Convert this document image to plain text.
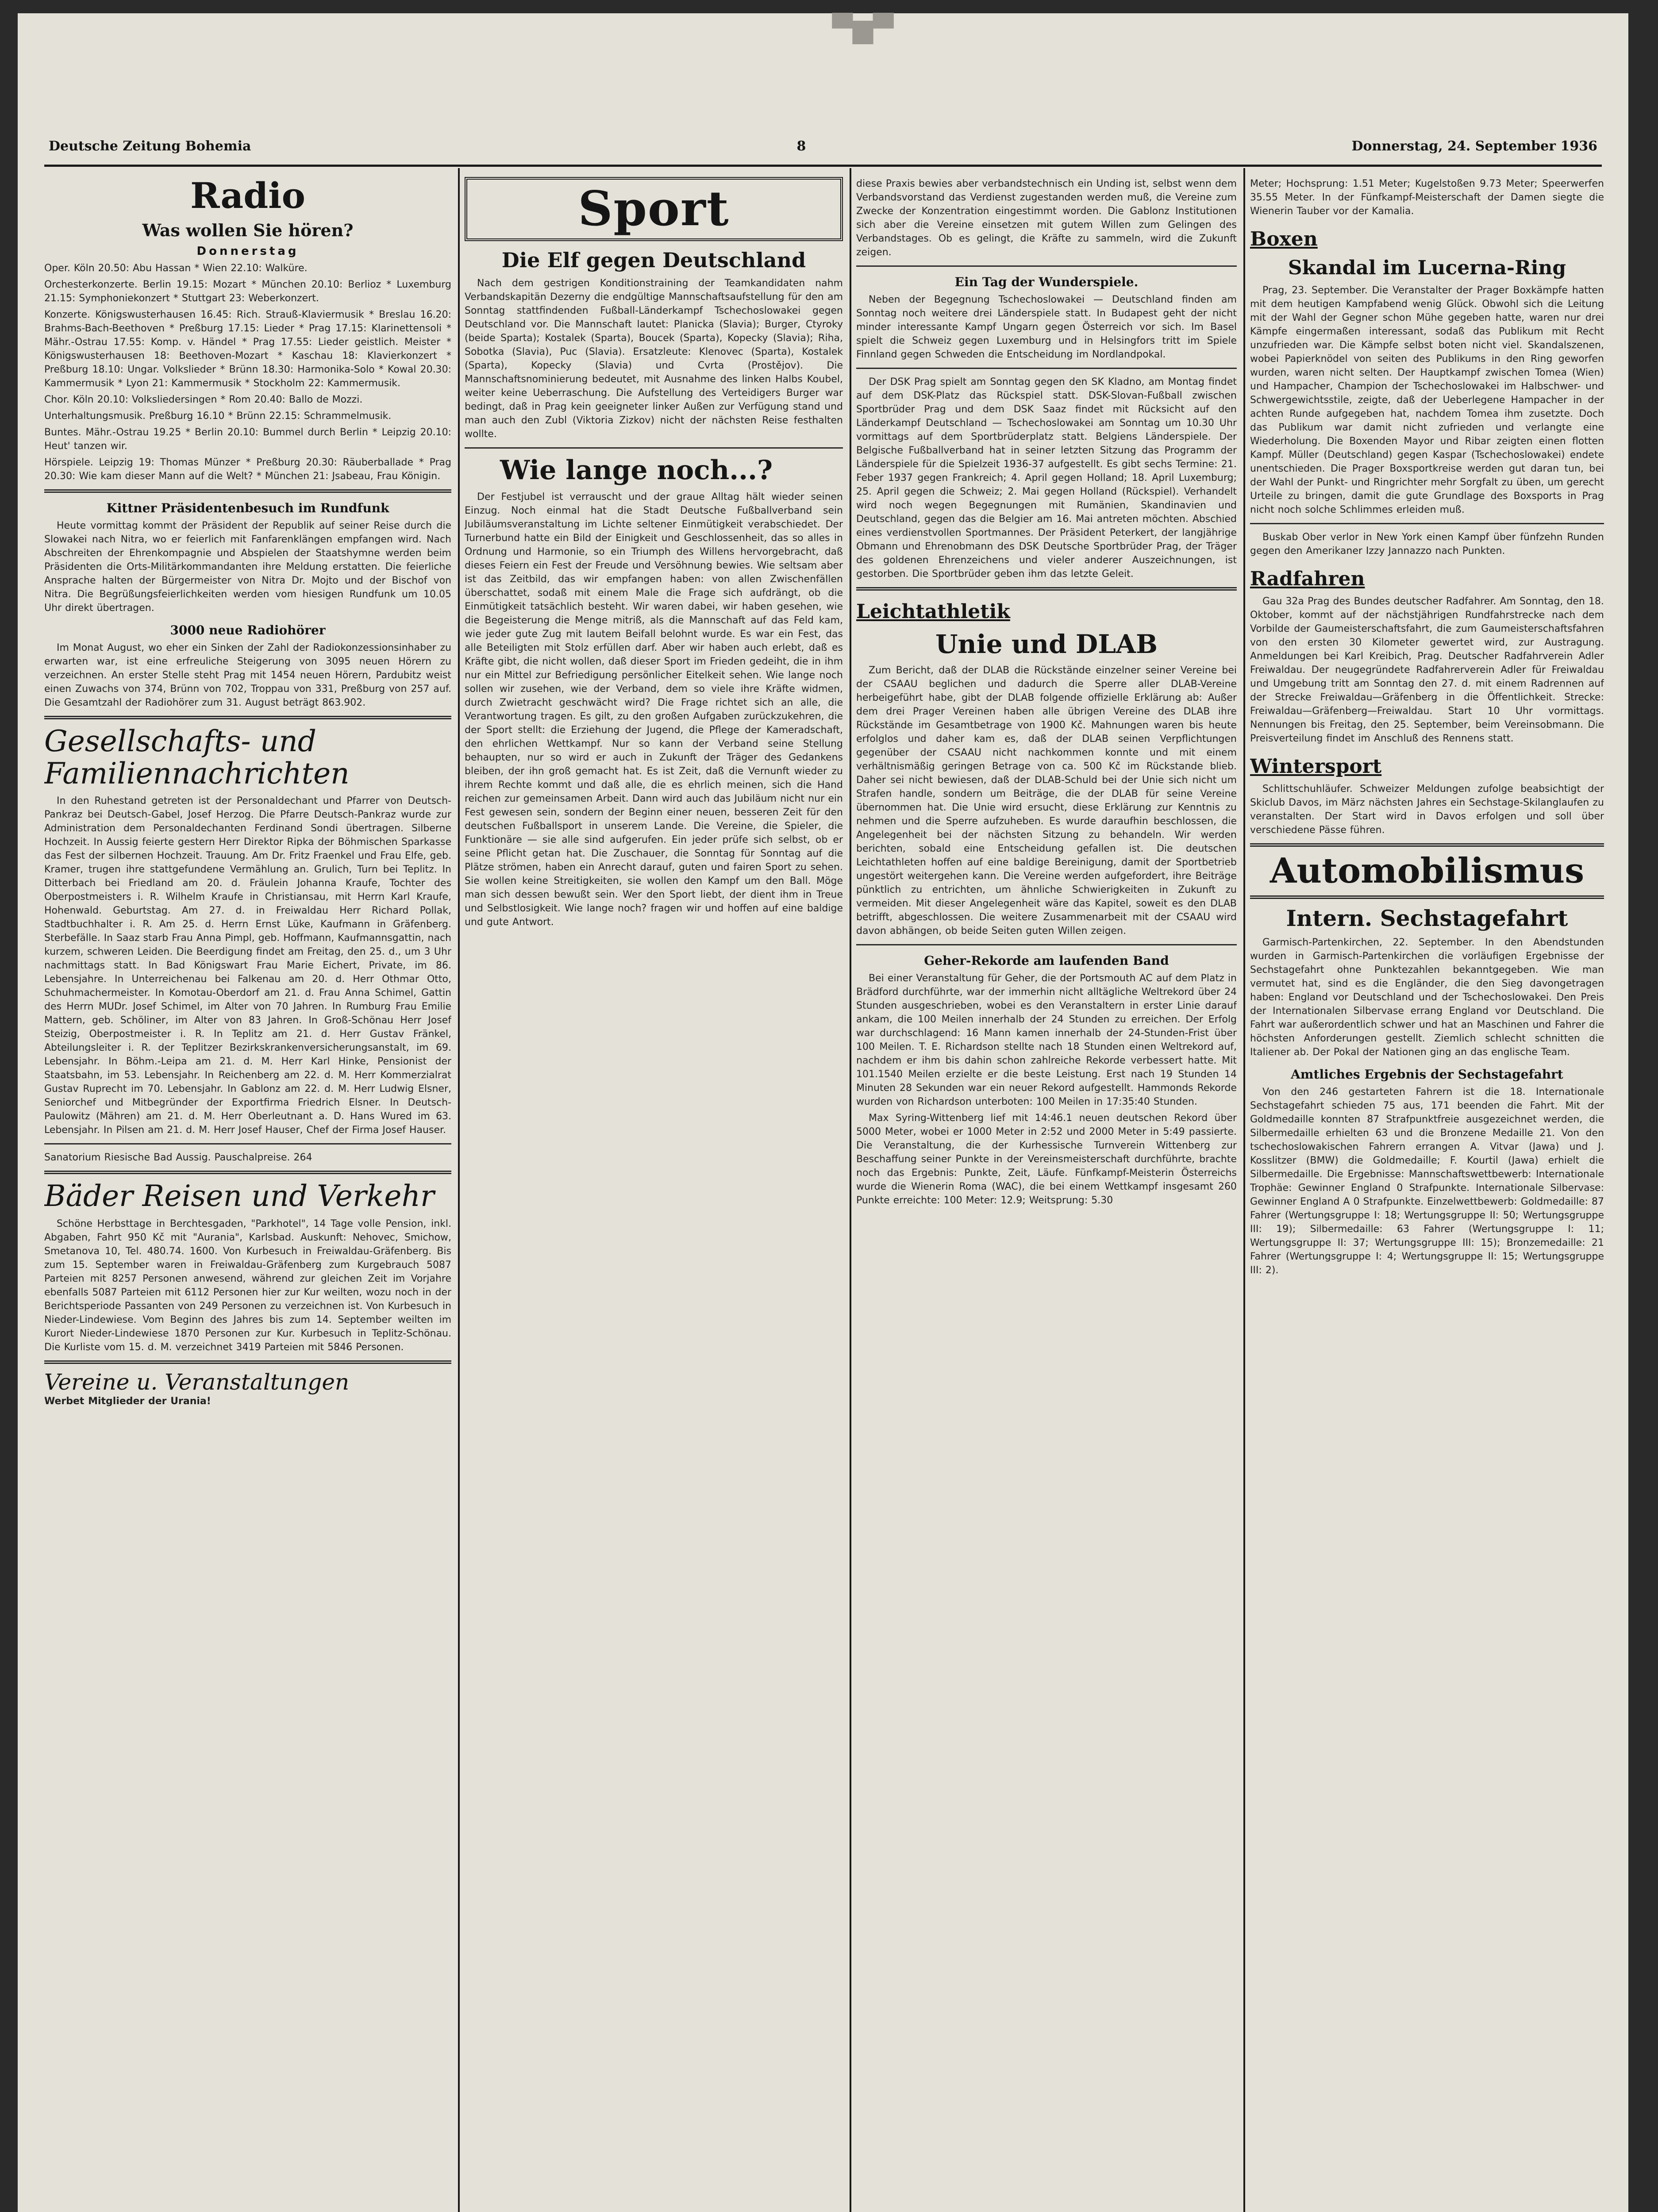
▀▆▀
Deutsche Zeitung Bohemia	8	Donnerstag, 24. September 1936
Radio
Was wollen Sie hören?
Donnerstag

Oper. Köln 20.50: Abu Hassan * Wien 22.10: Walküre.

Orchesterkonzerte. Berlin 19.15: Mozart * München 20.10: Berlioz * Luxemburg 21.15: Symphoniekonzert * Stuttgart 23: Weberkonzert.

Konzerte. Königswusterhausen 16.45: Rich. Strauß-Klaviermusik * Breslau 16.20: Brahms-Bach-Beethoven * Preßburg 17.15: Lieder * Prag 17.15: Klarinettensoli * Mähr.-Ostrau 17.55: Komp. v. Händel * Prag 17.55: Lieder geistlich. Meister * Königswusterhausen 18: Beethoven-Mozart * Kaschau 18: Klavierkonzert * Preßburg 18.10: Ungar. Volkslieder * Brünn 18.30: Harmonika-Solo * Kowal 20.30: Kammermusik * Lyon 21: Kammermusik * Stockholm 22: Kammermusik.

Chor. Köln 20.10: Volksliedersingen * Rom 20.40: Ballo de Mozzi.

Unterhaltungsmusik. Preßburg 16.10 * Brünn 22.15: Schrammelmusik.

Buntes. Mähr.-Ostrau 19.25 * Berlin 20.10: Bummel durch Berlin * Leipzig 20.10: Heut' tanzen wir.

Hörspiele. Leipzig 19: Thomas Münzer * Preßburg 20.30: Räuberballade * Prag 20.30: Wie kam dieser Mann auf die Welt? * München 21: Jsabeau, Frau Königin.

Kittner Präsidentenbesuch im Rundfunk

Heute vormittag kommt der Präsident der Republik auf seiner Reise durch die Slowakei nach Nitra, wo er feierlich mit Fanfarenklängen empfangen wird. Nach Abschreiten der Ehrenkompagnie und Abspielen der Staatshymne werden beim Präsidenten die Orts-Militärkommandanten ihre Meldung erstatten. Die feierliche Ansprache halten der Bürgermeister von Nitra Dr. Mojto und der Bischof von Nitra. Die Begrüßungsfeierlichkeiten werden vom hiesigen Rundfunk um 10.05 Uhr direkt übertragen.

3000 neue Radiohörer

Im Monat August, wo eher ein Sinken der Zahl der Radiokonzessionsinhaber zu erwarten war, ist eine erfreuliche Steigerung von 3095 neuen Hörern zu verzeichnen. An erster Stelle steht Prag mit 1454 neuen Hörern, Pardubitz weist einen Zuwachs von 374, Brünn von 702, Troppau von 331, Preßburg von 257 auf. Die Gesamtzahl der Radiohörer zum 31. August beträgt 863.902.

Gesellschafts- und Familiennachrichten

In den Ruhestand getreten ist der Personaldechant und Pfarrer von Deutsch-Pankraz bei Deutsch-Gabel, Josef Herzog. Die Pfarre Deutsch-Pankraz wurde zur Administration dem Personaldechanten Ferdinand Sondi übertragen. Silberne Hochzeit. In Aussig feierte gestern Herr Direktor Ripka der Böhmischen Sparkasse das Fest der silbernen Hochzeit. Trauung. Am Dr. Fritz Fraenkel und Frau Elfe, geb. Kramer, trugen ihre stattgefundene Vermählung an. Grulich, Turn bei Teplitz. In Ditterbach bei Friedland am 20. d. Fräulein Johanna Kraufe, Tochter des Oberpostmeisters i. R. Wilhelm Kraufe in Christiansau, mit Herrn Karl Kraufe, Hohenwald. Geburtstag. Am 27. d. in Freiwaldau Herr Richard Pollak, Stadtbuchhalter i. R. Am 25. d. Herrn Ernst Lüke, Kaufmann in Gräfenberg. Sterbefälle. In Saaz starb Frau Anna Pimpl, geb. Hoffmann, Kaufmannsgattin, nach kurzem, schweren Leiden. Die Beerdigung findet am Freitag, den 25. d., um 3 Uhr nachmittags statt. In Bad Königswart Frau Marie Eichert, Private, im 86. Lebensjahre. In Unterreichenau bei Falkenau am 20. d. Herr Othmar Otto, Schuhmachermeister. In Komotau-Oberdorf am 21. d. Frau Anna Schimel, Gattin des Herrn MUDr. Josef Schimel, im Alter von 70 Jahren. In Rumburg Frau Emilie Mattern, geb. Schöliner, im Alter von 83 Jahren. In Groß-Schönau Herr Josef Steizig, Oberpostmeister i. R. In Teplitz am 21. d. Herr Gustav Fränkel, Abteilungsleiter i. R. der Teplitzer Bezirkskrankenversicherungsanstalt, im 69. Lebensjahr. In Böhm.-Leipa am 21. d. M. Herr Karl Hinke, Pensionist der Staatsbahn, im 53. Lebensjahr. In Reichenberg am 22. d. M. Herr Kommerzialrat Gustav Ruprecht im 70. Lebensjahr. In Gablonz am 22. d. M. Herr Ludwig Elsner, Seniorchef und Mitbegründer der Exportfirma Friedrich Elsner. In Deutsch-Paulowitz (Mähren) am 21. d. M. Herr Oberleutnant a. D. Hans Wured im 63. Lebensjahr. In Pilsen am 21. d. M. Herr Josef Hauser, Chef der Firma Josef Hauser.

Sanatorium Riesische Bad Aussig. Pauschalpreise. 264

Bäder Reisen und Verkehr

Schöne Herbsttage in Berchtesgaden, "Parkhotel", 14 Tage volle Pension, inkl. Abgaben, Fahrt 950 Kč mit "Aurania", Karlsbad. Auskunft: Nehovec, Smichow, Smetanova 10, Tel. 480.74. 1600. Von Kurbesuch in Freiwaldau-Gräfenberg. Bis zum 15. September waren in Freiwaldau-Gräfenberg zum Kurgebrauch 5087 Parteien mit 8257 Personen anwesend, während zur gleichen Zeit im Vorjahre ebenfalls 5087 Parteien mit 6112 Personen hier zur Kur weilten, wozu noch in der Berichtsperiode Passanten von 249 Personen zu verzeichnen ist. Von Kurbesuch in Nieder-Lindewiese. Vom Beginn des Jahres bis zum 14. September weilten im Kurort Nieder-Lindewiese 1870 Personen zur Kur. Kurbesuch in Teplitz-Schönau. Die Kurliste vom 15. d. M. verzeichnet 3419 Parteien mit 5846 Personen.

Vereine u. Veranstaltungen

Werbet Mitglieder der Urania!

Sport
Die Elf gegen Deutschland

Nach dem gestrigen Konditionstraining der Teamkandidaten nahm Verbandskapitän Dezerny die endgültige Mannschaftsaufstellung für den am Sonntag stattfindenden Fußball-Länderkampf Tschechoslowakei gegen Deutschland vor. Die Mannschaft lautet: Planicka (Slavia); Burger, Ctyroky (beide Sparta); Kostalek (Sparta), Boucek (Sparta), Kopecky (Slavia); Riha, Sobotka (Slavia), Puc (Slavia). Ersatzleute: Klenovec (Sparta), Kostalek (Sparta), Kopecky (Slavia) und Cvrta (Prostějov). Die Mannschaftsnominierung bedeutet, mit Ausnahme des linken Halbs Koubel, weiter keine Ueberraschung. Die Aufstellung des Verteidigers Burger war bedingt, daß in Prag kein geeigneter linker Außen zur Verfügung stand und man auch den Zubl (Viktoria Zizkov) nicht der nächsten Reise festhalten wollte.

Wie lange noch...?

Der Festjubel ist verrauscht und der graue Alltag hält wieder seinen Einzug. Noch einmal hat die Stadt Deutsche Fußballverband sein Jubiläumsveranstaltung im Lichte seltener Einmütigkeit verabschiedet. Der Turnerbund hatte ein Bild der Einigkeit und Geschlossenheit, das so alles in Ordnung und Harmonie, so ein Triumph des Willens hervorgebracht, daß dieses Feiern ein Fest der Freude und Versöhnung bewies. Wie seltsam aber ist das Zeitbild, das wir empfangen haben: von allen Zwischenfällen überschattet, sodaß mit einem Male die Frage sich aufdrängt, ob die Einmütigkeit tatsächlich besteht. Wir waren dabei, wir haben gesehen, wie die Begeisterung die Menge mitriß, als die Mannschaft auf das Feld kam, wie jeder gute Zug mit lautem Beifall belohnt wurde. Es war ein Fest, das alle Beteiligten mit Stolz erfüllen darf. Aber wir haben auch erlebt, daß es Kräfte gibt, die nicht wollen, daß dieser Sport im Frieden gedeiht, die in ihm nur ein Mittel zur Befriedigung persönlicher Eitelkeit sehen. Wie lange noch sollen wir zusehen, wie der Verband, dem so viele ihre Kräfte widmen, durch Zwietracht geschwächt wird? Die Frage richtet sich an alle, die Verantwortung tragen. Es gilt, zu den großen Aufgaben zurückzukehren, die der Sport stellt: die Erziehung der Jugend, die Pflege der Kameradschaft, den ehrlichen Wettkampf. Nur so kann der Verband seine Stellung behaupten, nur so wird er auch in Zukunft der Träger des Gedankens bleiben, der ihn groß gemacht hat. Es ist Zeit, daß die Vernunft wieder zu ihrem Rechte kommt und daß alle, die es ehrlich meinen, sich die Hand reichen zur gemeinsamen Arbeit. Dann wird auch das Jubiläum nicht nur ein Fest gewesen sein, sondern der Beginn einer neuen, besseren Zeit für den deutschen Fußballsport in unserem Lande. Die Vereine, die Spieler, die Funktionäre — sie alle sind aufgerufen. Ein jeder prüfe sich selbst, ob er seine Pflicht getan hat. Die Zuschauer, die Sonntag für Sonntag auf die Plätze strömen, haben ein Anrecht darauf, guten und fairen Sport zu sehen. Sie wollen keine Streitigkeiten, sie wollen den Kampf um den Ball. Möge man sich dessen bewußt sein. Wer den Sport liebt, der dient ihm in Treue und Selbstlosigkeit. Wie lange noch? fragen wir und hoffen auf eine baldige und gute Antwort.

diese Praxis bewies aber verbandstechnisch ein Unding ist, selbst wenn dem Verbandsvorstand das Verdienst zugestanden werden muß, die Vereine zum Zwecke der Konzentration eingestimmt worden. Die Gablonz Institutionen sich aber die Vereine einsetzen mit gutem Willen zum Gelingen des Verbandstages. Ob es gelingt, die Kräfte zu sammeln, wird die Zukunft zeigen.

Ein Tag der Wunderspiele.

Neben der Begegnung Tschechoslowakei — Deutschland finden am Sonntag noch weitere drei Länderspiele statt. In Budapest geht der nicht minder interessante Kampf Ungarn gegen Österreich vor sich. Im Basel spielt die Schweiz gegen Luxemburg und in Helsingfors tritt im Spiele Finnland gegen Schweden die Entscheidung im Nordlandpokal.

Der DSK Prag spielt am Sonntag gegen den SK Kladno, am Montag findet auf dem DSK-Platz das Rückspiel statt. DSK-Slovan-Fußball zwischen Sportbrüder Prag und dem DSK Saaz findet mit Rücksicht auf den Länderkampf Deutschland — Tschechoslowakei am Sonntag um 10.30 Uhr vormittags auf dem Sportbrüderplatz statt. Belgiens Länderspiele. Der Belgische Fußballverband hat in seiner letzten Sitzung das Programm der Länderspiele für die Spielzeit 1936-37 aufgestellt. Es gibt sechs Termine: 21. Feber 1937 gegen Frankreich; 4. April gegen Holland; 18. April Luxemburg; 25. April gegen die Schweiz; 2. Mai gegen Holland (Rückspiel). Verhandelt wird noch wegen Begegnungen mit Rumänien, Skandinavien und Deutschland, gegen das die Belgier am 16. Mai antreten möchten. Abschied eines verdienstvollen Sportmannes. Der Präsident Peterkert, der langjährige Obmann und Ehrenobmann des DSK Deutsche Sportbrüder Prag, der Träger des goldenen Ehrenzeichens und vieler anderer Auszeichnungen, ist gestorben. Die Sportbrüder geben ihm das letzte Geleit.

Leichtathletik
Unie und DLAB

Zum Bericht, daß der DLAB die Rückstände einzelner seiner Vereine bei der CSAAU beglichen und dadurch die Sperre aller DLAB-Vereine herbeigeführt habe, gibt der DLAB folgende offizielle Erklärung ab: Außer dem drei Prager Vereinen haben alle übrigen Vereine des DLAB ihre Rückstände im Gesamtbetrage von 1900 Kč. Mahnungen waren bis heute erfolglos und daher kam es, daß der DLAB seinen Verpflichtungen gegenüber der CSAAU nicht nachkommen konnte und mit einem verhältnismäßig geringen Betrage von ca. 500 Kč im Rückstande blieb. Daher sei nicht bewiesen, daß der DLAB-Schuld bei der Unie sich nicht um Strafen handle, sondern um Beiträge, die der DLAB für seine Vereine übernommen hat. Die Unie wird ersucht, diese Erklärung zur Kenntnis zu nehmen und die Sperre aufzuheben. Es wurde daraufhin beschlossen, die Angelegenheit bei der nächsten Sitzung zu behandeln. Wir werden berichten, sobald eine Entscheidung gefallen ist. Die deutschen Leichtathleten hoffen auf eine baldige Bereinigung, damit der Sportbetrieb ungestört weitergehen kann. Die Vereine werden aufgefordert, ihre Beiträge pünktlich zu entrichten, um ähnliche Schwierigkeiten in Zukunft zu vermeiden. Mit dieser Angelegenheit wäre das Kapitel, soweit es den DLAB betrifft, abgeschlossen. Die weitere Zusammenarbeit mit der CSAAU wird davon abhängen, ob beide Seiten guten Willen zeigen.

Geher-Rekorde am laufenden Band

Bei einer Veranstaltung für Geher, die der Portsmouth AC auf dem Platz in Brädford durchführte, war der immerhin nicht alltägliche Weltrekord über 24 Stunden ausgeschrieben, wobei es den Veranstaltern in erster Linie darauf ankam, die 100 Meilen innerhalb der 24 Stunden zu erreichen. Der Erfolg war durchschlagend: 16 Mann kamen innerhalb der 24-Stunden-Frist über 100 Meilen. T. E. Richardson stellte nach 18 Stunden einen Weltrekord auf, nachdem er ihm bis dahin schon zahlreiche Rekorde verbessert hatte. Mit 101.1540 Meilen erzielte er die beste Leistung. Erst nach 19 Stunden 14 Minuten 28 Sekunden war ein neuer Rekord aufgestellt. Hammonds Rekorde wurden von Richardson unterboten: 100 Meilen in 17:35:40 Stunden.

Max Syring-Wittenberg lief mit 14:46.1 neuen deutschen Rekord über 5000 Meter, wobei er 1000 Meter in 2:52 und 2000 Meter in 5:49 passierte. Die Veranstaltung, die der Kurhessische Turnverein Wittenberg zur Beschaffung seiner Punkte in der Vereinsmeisterschaft durchführte, brachte noch das Ergebnis: Punkte, Zeit, Läufe. Fünfkampf-Meisterin Österreichs wurde die Wienerin Roma (WAC), die bei einem Wettkampf insgesamt 260 Punkte erreichte: 100 Meter: 12.9; Weitsprung: 5.30

Meter; Hochsprung: 1.51 Meter; Kugelstoßen 9.73 Meter; Speerwerfen 35.55 Meter. In der Fünfkampf-Meisterschaft der Damen siegte die Wienerin Tauber vor der Kamalia.

Boxen
Skandal im Lucerna-Ring

Prag, 23. September. Die Veranstalter der Prager Boxkämpfe hatten mit dem heutigen Kampfabend wenig Glück. Obwohl sich die Leitung mit der Wahl der Gegner schon Mühe gegeben hatte, waren nur drei Kämpfe eingermaßen interessant, sodaß das Publikum mit Recht unzufrieden war. Die Kämpfe selbst boten nicht viel. Skandalszenen, wobei Papierknödel von seiten des Publikums in den Ring geworfen wurden, waren nicht selten. Der Hauptkampf zwischen Tomea (Wien) und Hampacher, Champion der Tschechoslowakei im Halbschwer- und Schwergewichtsstile, zeigte, daß der Ueberlegene Hampacher in der achten Runde aufgegeben hat, nachdem Tomea ihm zusetzte. Doch das Publikum war damit nicht zufrieden und verlangte eine Wiederholung. Die Boxenden Mayor und Ribar zeigten einen flotten Kampf. Müller (Deutschland) gegen Kaspar (Tschechoslowakei) endete unentschieden. Die Prager Boxsportkreise werden gut daran tun, bei der Wahl der Punkt- und Ringrichter mehr Sorgfalt zu üben, um gerecht Urteile zu bringen, damit die gute Grundlage des Boxsports in Prag nicht noch solche Schlimmes erleiden muß.

Buskab Ober verlor in New York einen Kampf über fünfzehn Runden gegen den Amerikaner Izzy Jannazzo nach Punkten.

Radfahren

Gau 32a Prag des Bundes deutscher Radfahrer. Am Sonntag, den 18. Oktober, kommt auf der nächstjährigen Rundfahrstrecke nach dem Vorbilde der Gaumeisterschaftsfahrt, die zum Gaumeisterschaftsfahren von den ersten 30 Kilometer gewertet wird, zur Austragung. Anmeldungen bei Karl Kreibich, Prag. Deutscher Radfahrverein Adler Freiwaldau. Der neugegründete Radfahrerverein Adler für Freiwaldau und Umgebung tritt am Sonntag den 27. d. mit einem Radrennen auf der Strecke Freiwaldau—Gräfenberg in die Öffentlichkeit. Strecke: Freiwaldau—Gräfenberg—Freiwaldau. Start 10 Uhr vormittags. Nennungen bis Freitag, den 25. September, beim Vereinsobmann. Die Preisverteilung findet im Anschluß des Rennens statt.

Wintersport

Schlittschuhläufer. Schweizer Meldungen zufolge beabsichtigt der Skiclub Davos, im März nächsten Jahres ein Sechstage-Skilanglaufen zu veranstalten. Der Start wird in Davos erfolgen und soll über verschiedene Pässe führen.

Automobilismus
Intern. Sechstagefahrt

Garmisch-Partenkirchen, 22. September. In den Abendstunden wurden in Garmisch-Partenkirchen die vorläufigen Ergebnisse der Sechstagefahrt ohne Punktezahlen bekanntgegeben. Wie man vermutet hat, sind es die Engländer, die den Sieg davongetragen haben: England vor Deutschland und der Tschechoslowakei. Den Preis der Internationalen Silbervase errang England vor Deutschland. Die Fahrt war außerordentlich schwer und hat an Maschinen und Fahrer die höchsten Anforderungen gestellt. Ziemlich schlecht schnitten die Italiener ab. Der Pokal der Nationen ging an das englische Team.

Amtliches Ergebnis der Sechstagefahrt

Von den 246 gestarteten Fahrern ist die 18. Internationale Sechstagefahrt schieden 75 aus, 171 beenden die Fahrt. Mit der Goldmedaille konnten 87 Strafpunktfreie ausgezeichnet werden, die Silbermedaille erhielten 63 und die Bronzene Medaille 21. Von den tschechoslowakischen Fahrern errangen A. Vitvar (Jawa) und J. Kosslitzer (BMW) die Goldmedaille; F. Kourtil (Jawa) erhielt die Silbermedaille. Die Ergebnisse: Mannschaftswettbewerb: Internationale Trophäe: Gewinner England 0 Strafpunkte. Internationale Silbervase: Gewinner England A 0 Strafpunkte. Einzelwettbewerb: Goldmedaille: 87 Fahrer (Wertungsgruppe I: 18; Wertungsgruppe II: 50; Wertungsgruppe III: 19); Silbermedaille: 63 Fahrer (Wertungsgruppe I: 11; Wertungsgruppe II: 37; Wertungsgruppe III: 15); Bronzemedaille: 21 Fahrer (Wertungsgruppe I: 4; Wertungsgruppe II: 15; Wertungsgruppe III: 2).
